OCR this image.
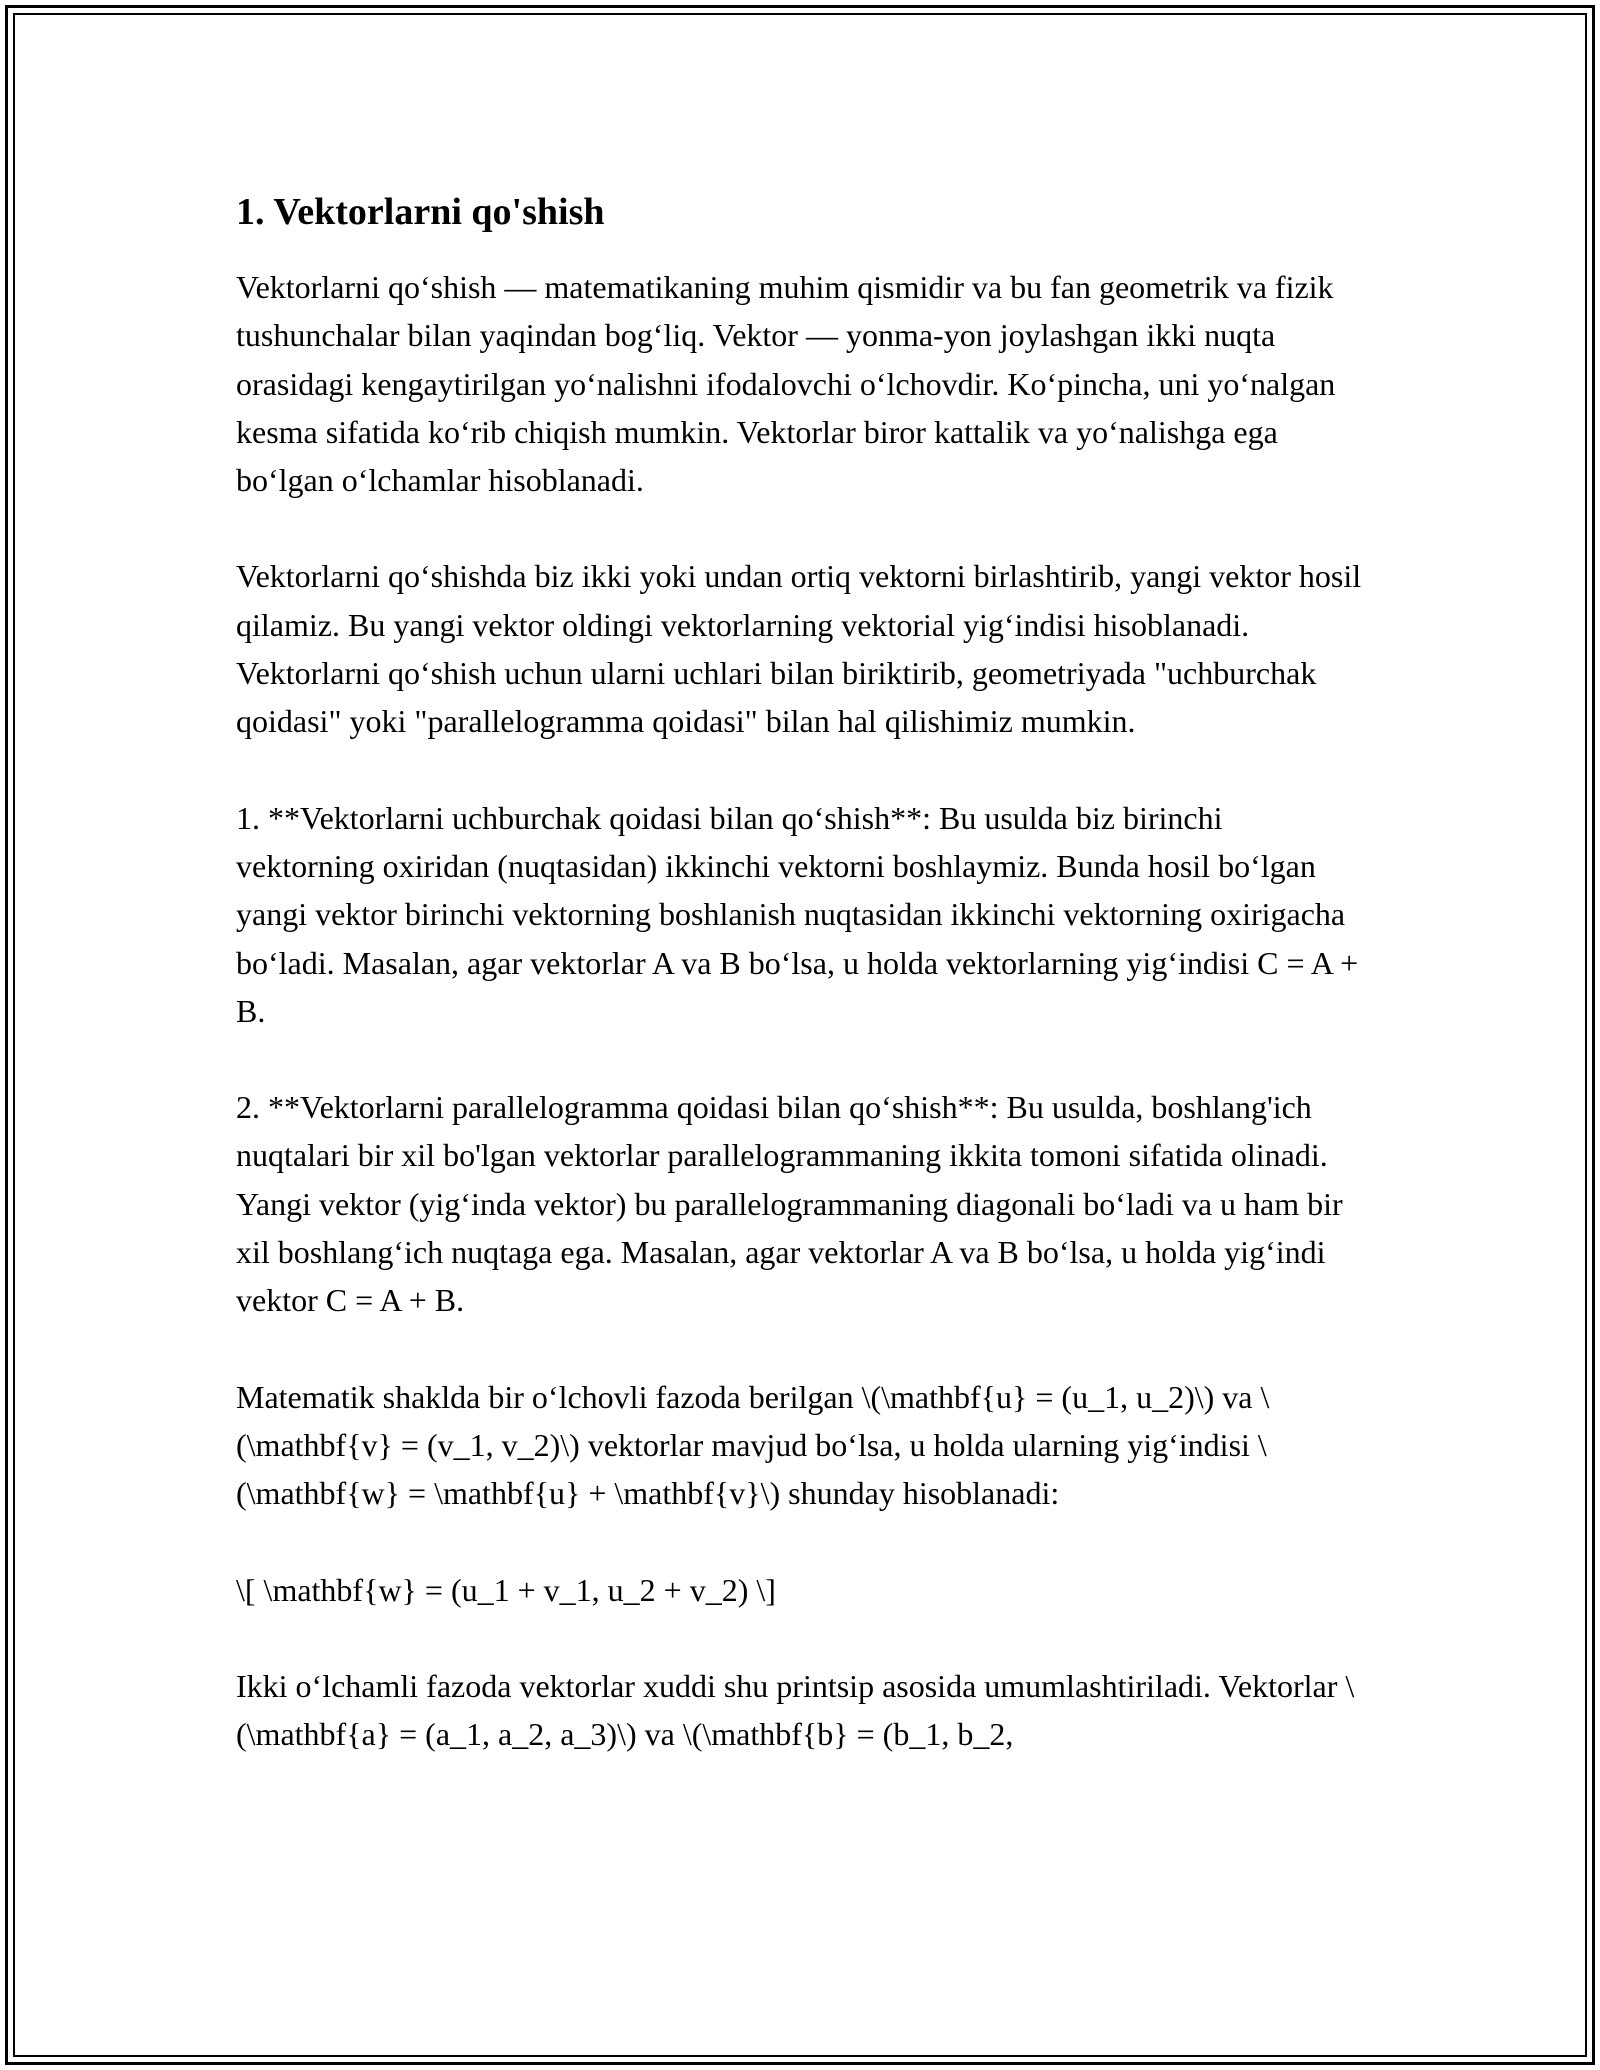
1. Vektorlarni qo'shish

Vektorlarni qo‘shish — matematikaning muhim qismidir va bu fan geometrik va fizik tushunchalar bilan yaqindan bog‘liq. Vektor — yonma-yon joylashgan ikki nuqta orasidagi kengaytirilgan yo‘nalishni ifodalovchi o‘lchovdir. Ko‘pincha, uni yo‘nalgan kesma sifatida ko‘rib chiqish mumkin. Vektorlar biror kattalik va yo‘nalishga ega bo‘lgan o‘lchamlar hisoblanadi.

Vektorlarni qo‘shishda biz ikki yoki undan ortiq vektorni birlashtirib, yangi vektor hosil qilamiz. Bu yangi vektor oldingi vektorlarning vektorial yig‘indisi hisoblanadi. Vektorlarni qo‘shish uchun ularni uchlari bilan biriktirib, geometriyada "uchburchak qoidasi" yoki "parallelogramma qoidasi" bilan hal qilishimiz mumkin.

1. **Vektorlarni uchburchak qoidasi bilan qo‘shish**: Bu usulda biz birinchi vektorning oxiridan (nuqtasidan) ikkinchi vektorni boshlaymiz. Bunda hosil bo‘lgan yangi vektor birinchi vektorning boshlanish nuqtasidan ikkinchi vektorning oxirigacha bo‘ladi. Masalan, agar vektorlar A va B bo‘lsa, u holda vektorlarning yig‘indisi C = A + B.

2. **Vektorlarni parallelogramma qoidasi bilan qo‘shish**: Bu usulda, boshlang'ich nuqtalari bir xil bo'lgan vektorlar parallelogrammaning ikkita tomoni sifatida olinadi. Yangi vektor (yig‘inda vektor) bu parallelogrammaning diagonali bo‘ladi va u ham bir xil boshlang‘ich nuqtaga ega. Masalan, agar vektorlar A va B bo‘lsa, u holda yig‘indi vektor C = A + B.

Matematik shaklda bir o‘lchovli fazoda berilgan \(\mathbf{u} = (u_1, u_2)\) va \(\mathbf{v} = (v_1, v_2)\) vektorlar mavjud bo‘lsa, u holda ularning yig‘indisi \(\mathbf{w} = \mathbf{u} + \mathbf{v}\) shunday hisoblanadi:

\[ \mathbf{w} = (u_1 + v_1, u_2 + v_2) \]

Ikki o‘lchamli fazoda vektorlar xuddi shu printsip asosida umumlashtiriladi. Vektorlar \(\mathbf{a} = (a_1, a_2, a_3)\) va \(\mathbf{b} = (b_1, b_2,
